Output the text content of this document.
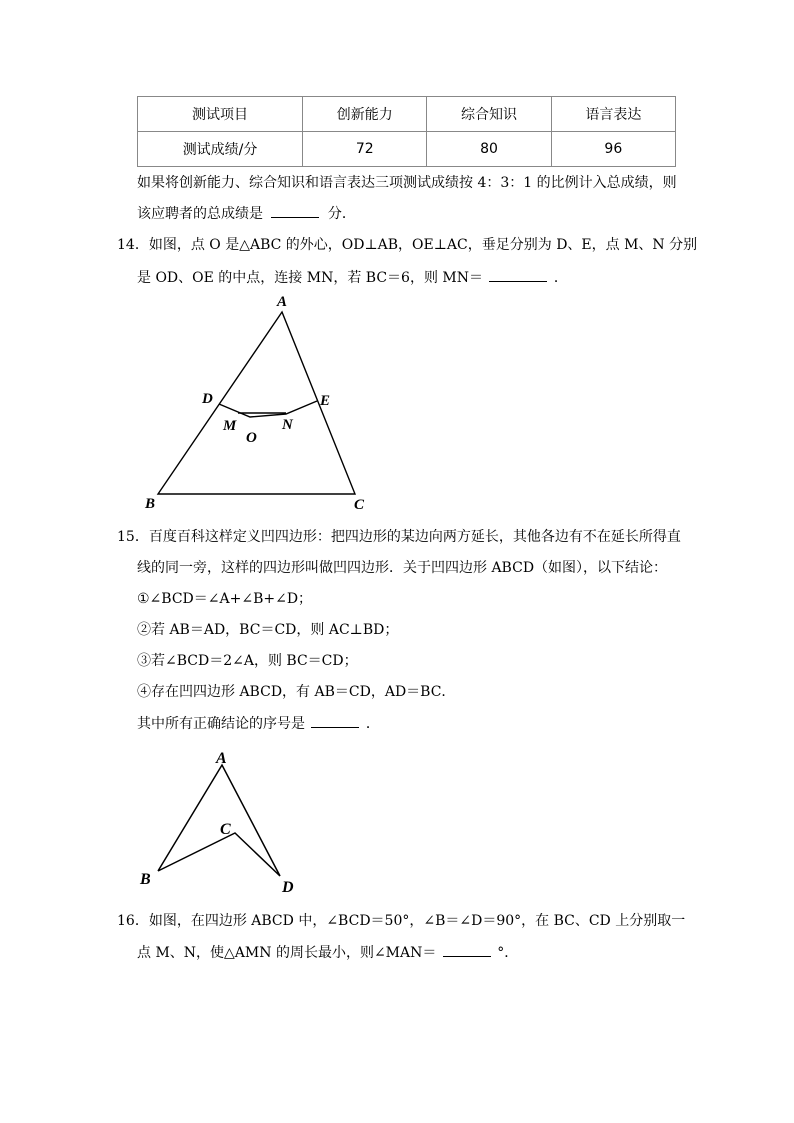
测试项目	创新能力	综合知识	语言表达
测试成绩/分	72	80	96
如果将创新能力、综合知识和语言表达三项测试成绩按 4：3：1 的比例计入总成绩，则
该应聘者的总成绩是	分．
14．如图，点 O 是△ABC 的外心，OD⊥AB，OE⊥AC，垂足分别为 D、E，点 M、N 分别
是 OD、OE 的中点，连接 MN，若 BC＝6，则 MN＝	．
A
B	C
D	E
M	N
O
15．百度百科这样定义凹四边形：把四边形的某边向两方延长，其他各边有不在延长所得直
线的同一旁，这样的四边形叫做凹四边形．关于凹四边形 ABCD（如图），以下结论：
①∠BCD＝∠A+∠B+∠D；
②若 AB＝AD，BC＝CD，则 AC⊥BD；
③若∠BCD＝2∠A，则 BC＝CD；
④存在凹四边形 ABCD，有 AB＝CD，AD＝BC．
其中所有正确结论的序号是	．
A
B
C
D
16．如图，在四边形 ABCD 中，∠BCD＝50°，∠B＝∠D＝90°，在 BC、CD 上分别取一
点 M、N，使△AMN 的周长最小，则∠MAN＝	°．
